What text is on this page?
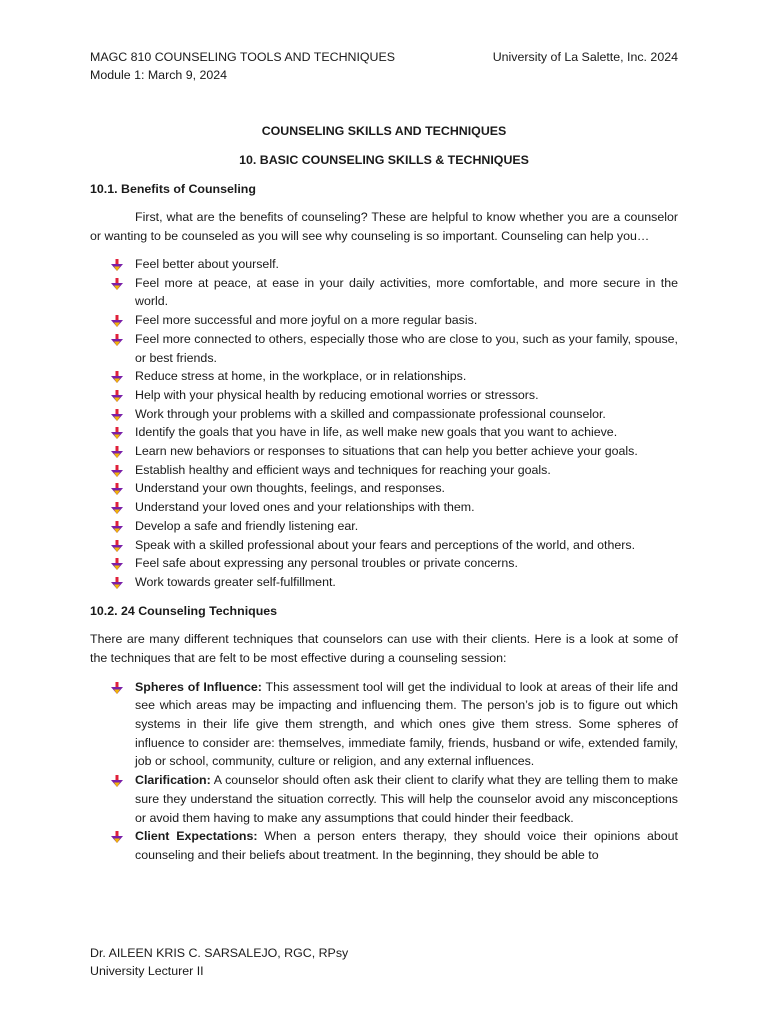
MAGC 810 COUNSELING TOOLS AND TECHNIQUES	University of La Salette, Inc. 2024
Module 1: March 9, 2024

COUNSELING SKILLS AND TECHNIQUES

10. BASIC COUNSELING SKILLS & TECHNIQUES

10.1. Benefits of Counseling

First, what are the benefits of counseling? These are helpful to know whether you are a counselor or wanting to be counseled as you will see why counseling is so important. Counseling can help you…

Feel better about yourself.
Feel more at peace, at ease in your daily activities, more comfortable, and more secure in the world.
Feel more successful and more joyful on a more regular basis.
Feel more connected to others, especially those who are close to you, such as your family, spouse, or best friends.
Reduce stress at home, in the workplace, or in relationships.
Help with your physical health by reducing emotional worries or stressors.
Work through your problems with a skilled and compassionate professional counselor.
Identify the goals that you have in life, as well make new goals that you want to achieve.
Learn new behaviors or responses to situations that can help you better achieve your goals.
Establish healthy and efficient ways and techniques for reaching your goals.
Understand your own thoughts, feelings, and responses.
Understand your loved ones and your relationships with them.
Develop a safe and friendly listening ear.
Speak with a skilled professional about your fears and perceptions of the world, and others.
Feel safe about expressing any personal troubles or private concerns.
Work towards greater self-fulfillment.
10.2. 24 Counseling Techniques

There are many different techniques that counselors can use with their clients. Here is a look at some of the techniques that are felt to be most effective during a counseling session:

Spheres of Influence: This assessment tool will get the individual to look at areas of their life and see which areas may be impacting and influencing them. The person’s job is to figure out which systems in their life give them strength, and which ones give them stress. Some spheres of influence to consider are: themselves, immediate family, friends, husband or wife, extended family, job or school, community, culture or religion, and any external influences.
Clarification: A counselor should often ask their client to clarify what they are telling them to make sure they understand the situation correctly. This will help the counselor avoid any misconceptions or avoid them having to make any assumptions that could hinder their feedback.
Client Expectations: When a person enters therapy, they should voice their opinions about counseling and their beliefs about treatment. In the beginning, they should be able to
Dr. AILEEN KRIS C. SARSALEJO, RGC, RPsy
University Lecturer II
